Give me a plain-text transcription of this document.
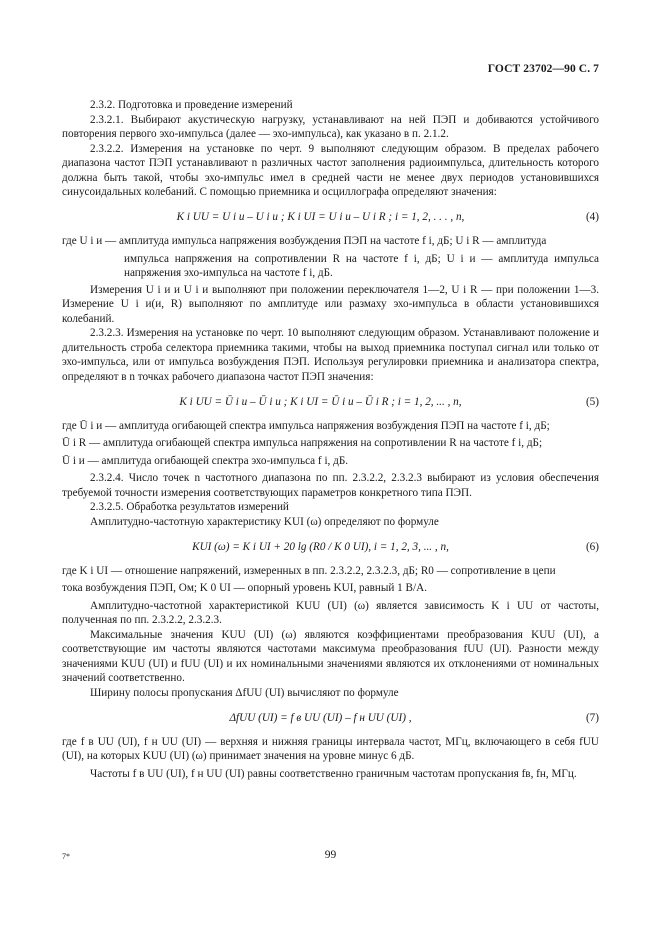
ГОСТ 23702—90 С. 7

2.3.2. Подготовка и проведение измерений

2.3.2.1. Выбирают акустическую нагрузку, устанавливают на ней ПЭП и добиваются устойчивого повторения первого эхо-импульса (далее — эхо-импульса), как указано в п. 2.1.2.

2.3.2.2. Измерения на установке по черт. 9 выполняют следующим образом. В пределах рабочего диапазона частот ПЭП устанавливают n различных частот заполнения радиоимпульса, длительность которого должна быть такой, чтобы эхо-импульс имел в средней части не менее двух периодов установившихся синусоидальных колебаний. С помощью приемника и осциллографа определяют значения:

K i UU = U i и – U i и ; K i UI = U i и – U i R ; i = 1, 2, . . . , n,	(4)

где U i и — амплитуда импульса напряжения возбуждения ПЭП на частоте f i, дБ; U i R — амплитуда

импульса напряжения на сопротивлении R на частоте f i, дБ; U i и — амплитуда импульса напряжения эхо-импульса на частоте f i, дБ.

Измерения U i и и U i и выполняют при положении переключателя 1—2, U i R — при положении 1—3. Измерение U i и(и, R) выполняют по амплитуде или размаху эхо-импульса в области установившихся колебаний.

2.3.2.3. Измерения на установке по черт. 10 выполняют следующим образом. Устанавливают положение и длительность строба селектора приемника такими, чтобы на выход приемника поступал сигнал или только от эхо-импульса, или от импульса возбуждения ПЭП. Используя регулировки приемника и анализатора спектра, определяют в n точках рабочего диапазона частот ПЭП значения:

K i UU = Ū i и – Ū i и ; K i UI = Ū i и – Ū i R ; i = 1, 2, ... , n,	(5)

где Ū i и — амплитуда огибающей спектра импульса напряжения возбуждения ПЭП на частоте f i, дБ;

Ū i R — амплитуда огибающей спектра импульса напряжения на сопротивлении R на частоте f i, дБ;

Ū i и — амплитуда огибающей спектра эхо-импульса f i, дБ.

2.3.2.4. Число точек n частотного диапазона по пп. 2.3.2.2, 2.3.2.3 выбирают из условия обеспечения требуемой точности измерения соответствующих параметров конкретного типа ПЭП.

2.3.2.5. Обработка результатов измерений

Амплитудно-частотную характеристику KUI (ω) определяют по формуле

KUI (ω) = K i UI + 20 lg (R0 / K 0 UI), i = 1, 2, 3, ... , n,	(6)

где K i UI — отношение напряжений, измеренных в пп. 2.3.2.2, 2.3.2.3, дБ; R0 — сопротивление в цепи

тока возбуждения ПЭП, Ом; K 0 UI — опорный уровень KUI, равный 1 В/А.

Амплитудно-частотной характеристикой KUU (UI) (ω) является зависимость K i UU от частоты, полученная по пп. 2.3.2.2, 2.3.2.3.

Максимальные значения KUU (UI) (ω) являются коэффициентами преобразования KUU (UI), а соответствующие им частоты являются частотами максимума преобразования fUU (UI). Разности между значениями KUU (UI) и fUU (UI) и их номинальными значениями являются их отклонениями от номинальных значений соответственно.

Ширину полосы пропускания ΔfUU (UI) вычисляют по формуле

ΔfUU (UI) = f в UU (UI) – f н UU (UI) ,	(7)

где f в UU (UI), f н UU (UI) — верхняя и нижняя границы интервала частот, МГц, включающего в себя fUU (UI), на которых KUU (UI) (ω) принимает значения на уровне минус 6 дБ.

Частоты f в UU (UI), f н UU (UI) равны соответственно граничным частотам пропускания fв, fн, МГц.

7*	99
